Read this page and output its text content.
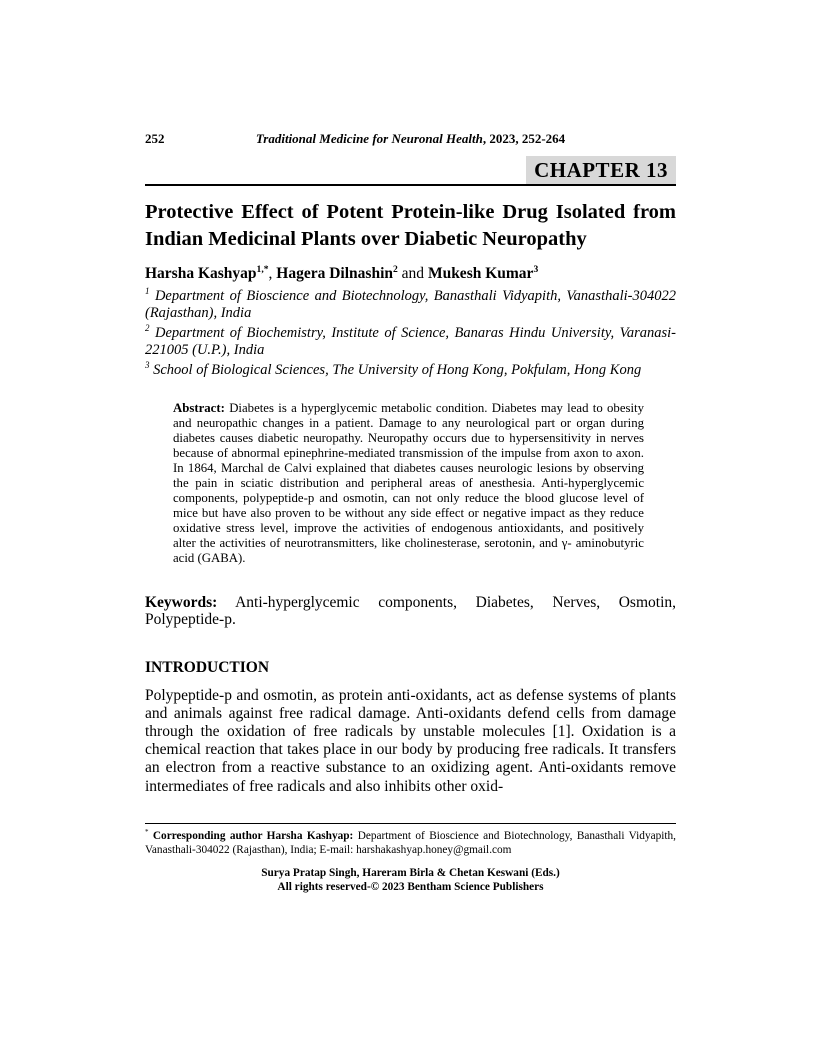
252	Traditional Medicine for Neuronal Health, 2023, 252-264
CHAPTER 13
Protective Effect of Potent Protein-like Drug Isolated from Indian Medicinal Plants over Diabetic Neuropathy
Harsha Kashyap$^{1,*}$, Hagera Dilnashin$^2$ and Mukesh Kumar$^3$

$^1$ Department of Bioscience and Biotechnology, Banasthali Vidyapith, Vanasthali-304022 (Rajasthan), India

$^2$ Department of Biochemistry, Institute of Science, Banaras Hindu University, Varanasi-221005 (U.P.), India

$^3$ School of Biological Sciences, The University of Hong Kong, Pokfulam, Hong Kong

Abstract: Diabetes is a hyperglycemic metabolic condition. Diabetes may lead to obesity and neuropathic changes in a patient. Damage to any neurological part or organ during diabetes causes diabetic neuropathy. Neuropathy occurs due to hypersensitivity in nerves because of abnormal epinephrine-mediated transmission of the impulse from axon to axon. In 1864, Marchal de Calvi explained that diabetes causes neurologic lesions by observing the pain in sciatic distribution and peripheral areas of anesthesia. Anti-hyperglycemic components, polypeptide-p and osmotin, can not only reduce the blood glucose level of mice but have also proven to be without any side effect or negative impact as they reduce oxidative stress level, improve the activities of endogenous antioxidants, and positively alter the activities of neurotransmitters, like cholinesterase, serotonin, and γ- aminobutyric acid (GABA).

Keywords: Anti-hyperglycemic components, Diabetes, Nerves, Osmotin, Polypeptide-p.

INTRODUCTION

Polypeptide-p and osmotin, as protein anti-oxidants, act as defense systems of plants and animals against free radical damage. Anti-oxidants defend cells from damage through the oxidation of free radicals by unstable molecules [1]. Oxidation is a chemical reaction that takes place in our body by producing free radicals. It transfers an electron from a reactive substance to an oxidizing agent. Anti-oxidants remove intermediates of free radicals and also inhibits other oxid-

* Corresponding author Harsha Kashyap: Department of Bioscience and Biotechnology, Banasthali Vidyapith, Vanasthali-304022 (Rajasthan), India; E-mail: harshakashyap.honey@gmail.com

Surya Pratap Singh, Hareram Birla & Chetan Keswani (Eds.)
All rights reserved-© 2023 Bentham Science Publishers
